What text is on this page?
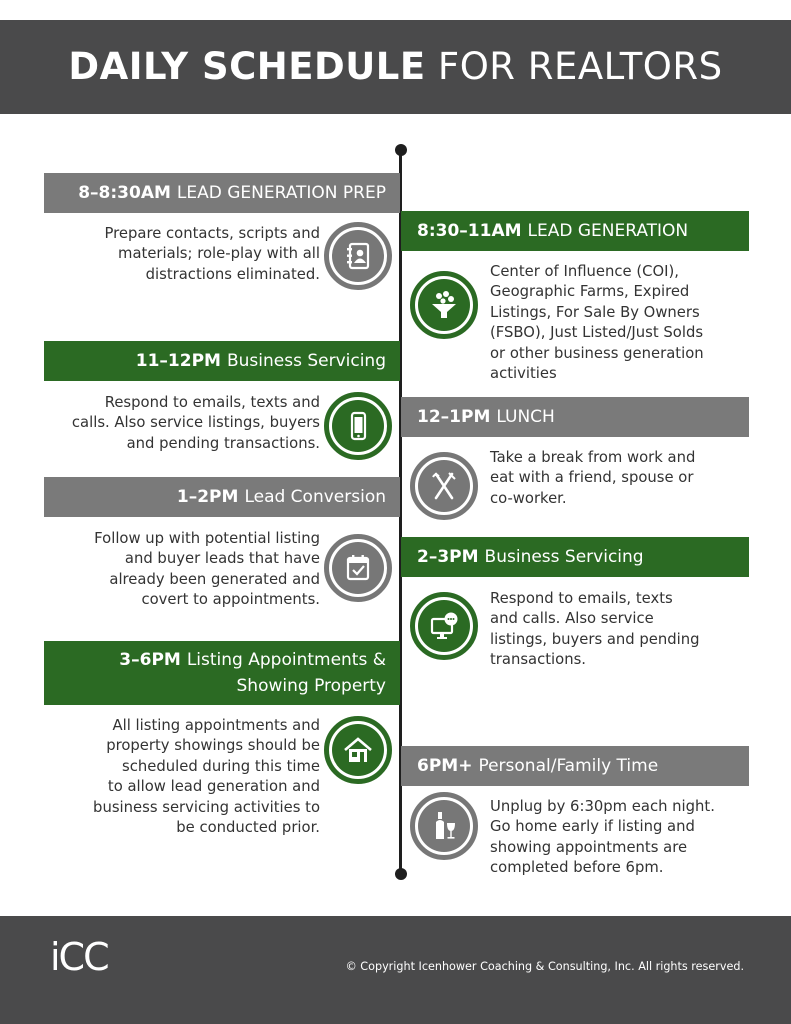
DAILY SCHEDULE FOR REALTORS
8–8:30AM LEAD GENERATION PREP
Prepare contacts, scripts and
materials; role-play with all
distractions eliminated.
8:30–11AM LEAD GENERATION
Center of Influence (COI),
Geographic Farms, Expired
Listings, For Sale By Owners
(FSBO), Just Listed/Just Solds
or other business generation
activities
11–12PM Business Servicing
Respond to emails, texts and
calls. Also service listings, buyers
and pending transactions.
12–1PM LUNCH
Take a break from work and
eat with a friend, spouse or
co-worker.
1–2PM Lead Conversion
Follow up with potential listing
and buyer leads that have
already been generated and
covert to appointments.
2–3PM Business Servicing
Respond to emails, texts
and calls. Also service
listings, buyers and pending
transactions.
3–6PM Listing Appointments &
Showing Property
All listing appointments and
property showings should be
scheduled during this time
to allow lead generation and
business servicing activities to
be conducted prior.
6PM+ Personal/Family Time
Unplug by 6:30pm each night.
Go home early if listing and
showing appointments are
completed before 6pm.
iCC	© Copyright Icenhower Coaching & Consulting, Inc. All rights reserved.
